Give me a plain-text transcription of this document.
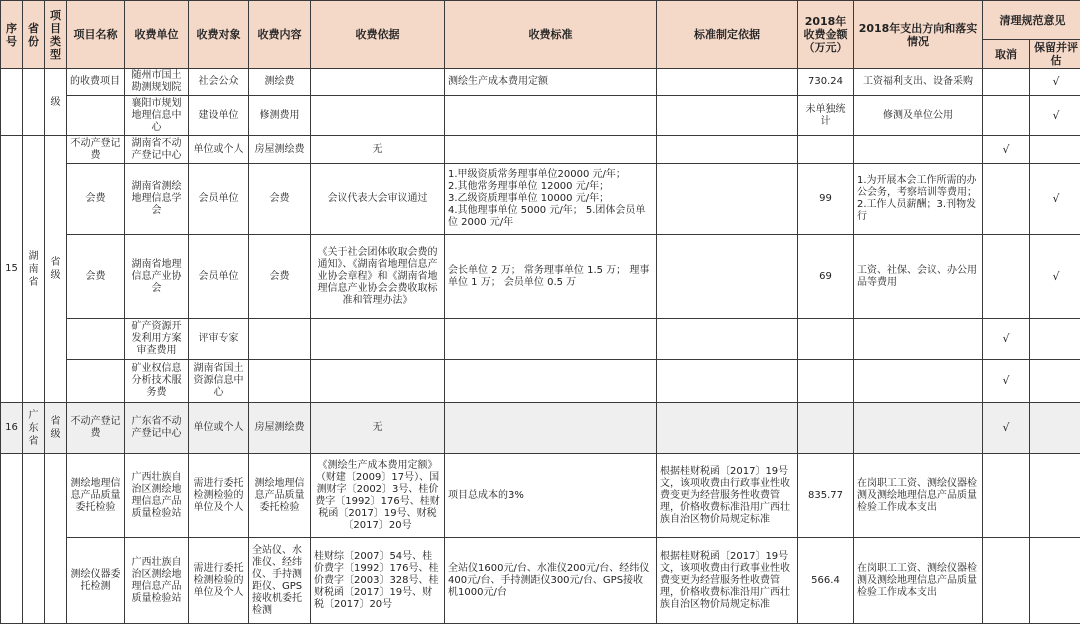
序号	省份	项目类型	项目名称	收费单位	收费对象	收费内容	收费依据	收费标准	标准制定依据	2018年收费金额（万元）	2018年支出方向和落实情况	清理规范意见	
												取消	保留并评估

		级	的收费项目	随州市国土勘测规划院	社会公众	测绘费		测绘生产成本费用定额		730.24	工资福利支出、设备采购		√
				襄阳市规划地理信息中心	建设单位	修测费用				未单独统计	修测及单位公用		√
15	湖南省	省级	不动产登记费	湖南省不动产登记中心	单位或个人	房屋测绘费	无					√	
			会费	湖南省测绘地理信息学会	会员单位	会费	会议代表大会审议通过	1.甲级资质常务理事单位20000 元/年；
2.其他常务理事单位 12000 元/年；
3.乙级资质理事单位 10000 元/年；
4.其他理事单位 5000 元/年； 5.团体会员单位 2000 元/年		99	1.为开展本会工作所需的办公会务，考察培训等费用；2.工作人员薪酬；3.刊物发行		√
			会费	湖南省地理信息产业协会	会员单位	会费	《关于社会团体收取会费的通知》、《湖南省地理信息产业协会章程》和《湖南省地理信息产业协会会费收取标准和管理办法》	会长单位 2 万； 常务理事单位 1.5 万； 理事单位 1 万； 会员单位 0.5 万		69	工资、社保、会议、办公用品等费用		√
				矿产资源开发利用方案审查费用	评审专家							√	
				矿业权信息分析技术服务费	湖南省国土资源信息中心							√	
16	广东省	省级	不动产登记费	广东省不动产登记中心	单位或个人	房屋测绘费	无					√	
			测绘地理信息产品质量委托检验	广西壮族自治区测绘地理信息产品质量检验站	需进行委托检测检验的单位及个人	测绘地理信息产品质量委托检验	《测绘生产成本费用定额》（财建〔2009〕17号）、国测财字〔2002〕3号、桂价费字〔1992〕176号、桂财税函〔2017〕19号、财税〔2017〕20号	项目总成本的3%	根据桂财税函〔2017〕19号文，该项收费由行政事业性收费变更为经营服务性收费管理，价格收费标准沿用广西壮族自治区物价局规定标准	835.77	在岗职工工资、测绘仪器检测及测绘地理信息产品质量检验工作成本支出		
			测绘仪器委托检测	广西壮族自治区测绘地理信息产品质量检验站	需进行委托检测检验的单位及个人	全站仪、水准仪、经纬仪、手持测距仪、GPS接收机委托检测	桂财综〔2007〕54号、桂价费字〔1992〕176号、桂价费字〔2003〕328号、桂财税函〔2017〕19号、财税〔2017〕20号	全站仪1600元/台、水准仪200元/台、经纬仪400元/台、手持测距仪300元/台、GPS接收机1000元/台	根据桂财税函〔2017〕19号文，该项收费由行政事业性收费变更为经营服务性收费管理，价格收费标准沿用广西壮族自治区物价局规定标准	566.4	在岗职工工资、测绘仪器检测及测绘地理信息产品质量检验工作成本支出		
